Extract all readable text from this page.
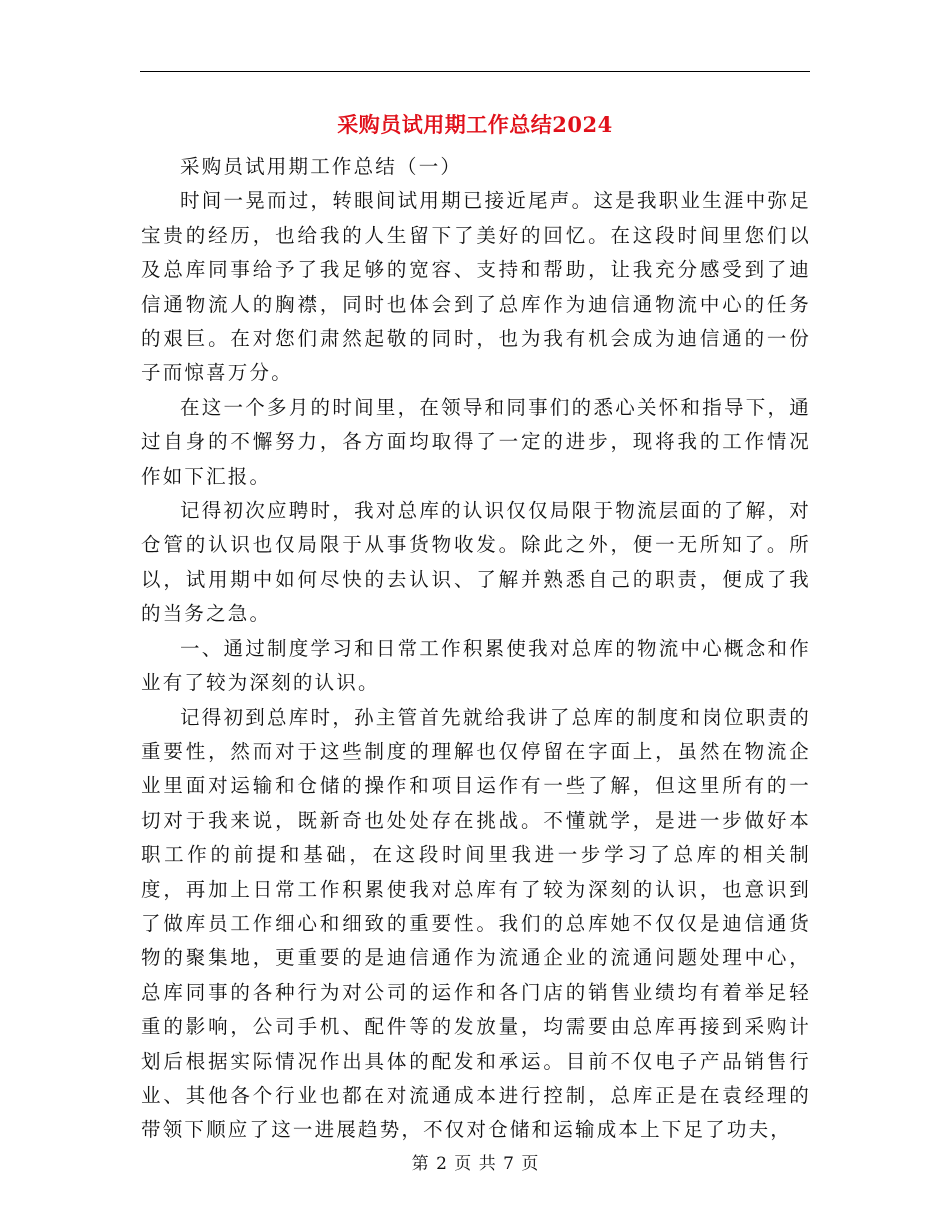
采购员试用期工作总结2024

采购员试用期工作总结（一）

时间一晃而过，转眼间试用期已接近尾声。这是我职业生涯中弥足宝贵的经历，也给我的人生留下了美好的回忆。在这段时间里您们以及总库同事给予了我足够的宽容、支持和帮助，让我充分感受到了迪信通物流人的胸襟，同时也体会到了总库作为迪信通物流中心的任务的艰巨。在对您们肃然起敬的同时，也为我有机会成为迪信通的一份子而惊喜万分。

在这一个多月的时间里，在领导和同事们的悉心关怀和指导下，通过自身的不懈努力，各方面均取得了一定的进步，现将我的工作情况作如下汇报。

记得初次应聘时，我对总库的认识仅仅局限于物流层面的了解，对仓管的认识也仅局限于从事货物收发。除此之外，便一无所知了。所以，试用期中如何尽快的去认识、了解并熟悉自己的职责，便成了我的当务之急。

一、通过制度学习和日常工作积累使我对总库的物流中心概念和作业有了较为深刻的认识。

记得初到总库时，孙主管首先就给我讲了总库的制度和岗位职责的重要性，然而对于这些制度的理解也仅停留在字面上，虽然在物流企业里面对运输和仓储的操作和项目运作有一些了解，但这里所有的一切对于我来说，既新奇也处处存在挑战。不懂就学，是进一步做好本职工作的前提和基础，在这段时间里我进一步学习了总库的相关制度，再加上日常工作积累使我对总库有了较为深刻的认识，也意识到了做库员工作细心和细致的重要性。我们的总库她不仅仅是迪信通货物的聚集地，更重要的是迪信通作为流通企业的流通问题处理中心，总库同事的各种行为对公司的运作和各门店的销售业绩均有着举足轻重的影响，公司手机、配件等的发放量，均需要由总库再接到采购计划后根据实际情况作出具体的配发和承运。目前不仅电子产品销售行业、其他各个行业也都在对流通成本进行控制，总库正是在袁经理的带领下顺应了这一进展趋势，不仅对仓储和运输成本上下足了功夫，

第 2 页 共 7 页
